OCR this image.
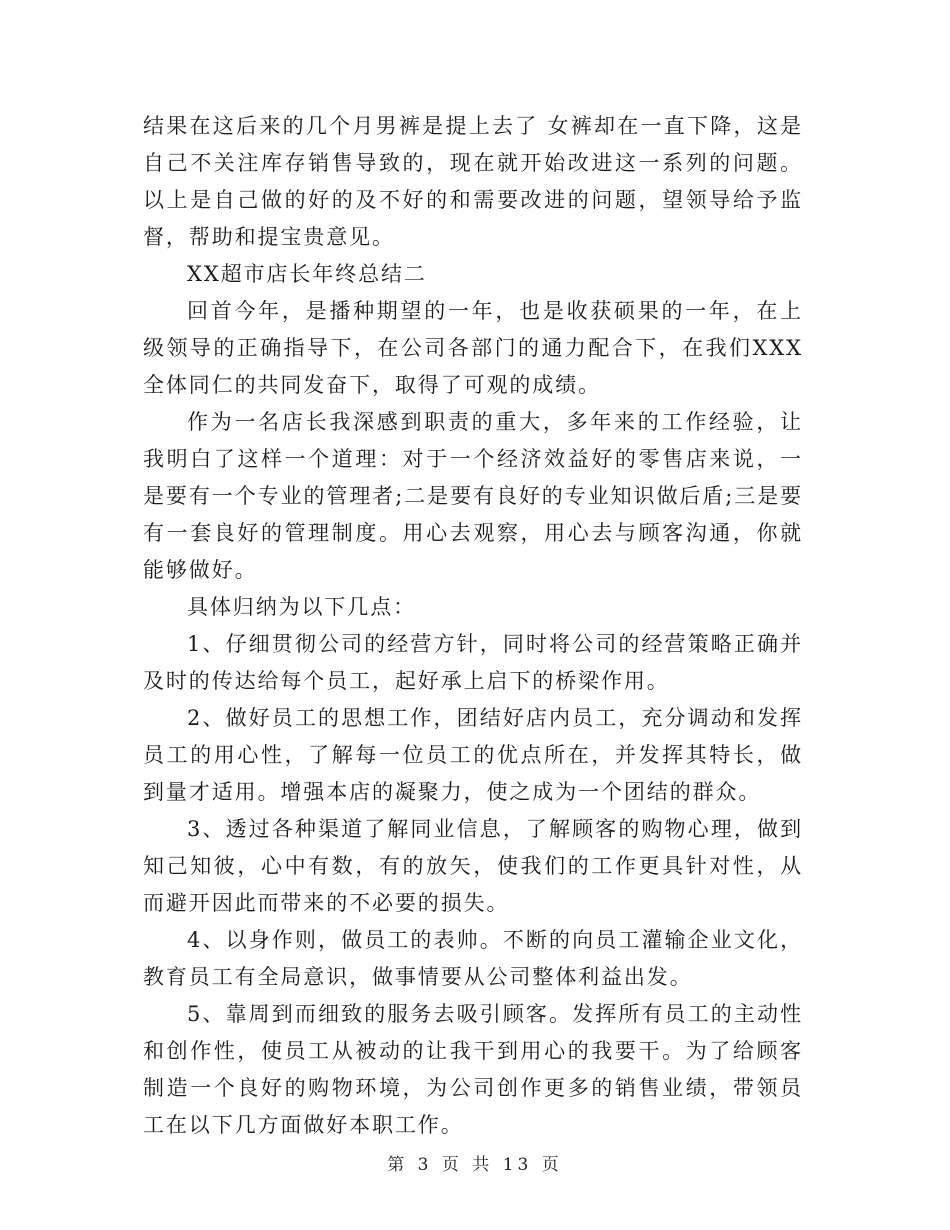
结果在这后来的几个月男裤是提上去了 女裤却在一直下降，这是自己不关注库存销售导致的，现在就开始改进这一系列的问题。以上是自己做的好的及不好的和需要改进的问题，望领导给予监督，帮助和提宝贵意见。

XX超市店长年终总结二

回首今年，是播种期望的一年，也是收获硕果的一年，在上级领导的正确指导下，在公司各部门的通力配合下，在我们XXX全体同仁的共同发奋下，取得了可观的成绩。

作为一名店长我深感到职责的重大，多年来的工作经验，让我明白了这样一个道理：对于一个经济效益好的零售店来说，一是要有一个专业的管理者;二是要有良好的专业知识做后盾;三是要有一套良好的管理制度。用心去观察，用心去与顾客沟通，你就能够做好。

具体归纳为以下几点：

1、仔细贯彻公司的经营方针，同时将公司的经营策略正确并及时的传达给每个员工，起好承上启下的桥梁作用。

2、做好员工的思想工作，团结好店内员工，充分调动和发挥员工的用心性，了解每一位员工的优点所在，并发挥其特长，做到量才适用。增强本店的凝聚力，使之成为一个团结的群众。

3、透过各种渠道了解同业信息，了解顾客的购物心理，做到知己知彼，心中有数，有的放矢，使我们的工作更具针对性，从而避开因此而带来的不必要的损失。

4、以身作则，做员工的表帅。不断的向员工灌输企业文化，教育员工有全局意识，做事情要从公司整体利益出发。

5、靠周到而细致的服务去吸引顾客。发挥所有员工的主动性和创作性，使员工从被动的让我干到用心的我要干。为了给顾客制造一个良好的购物环境，为公司创作更多的销售业绩，带领员工在以下几方面做好本职工作。

第 3 页 共 13 页
